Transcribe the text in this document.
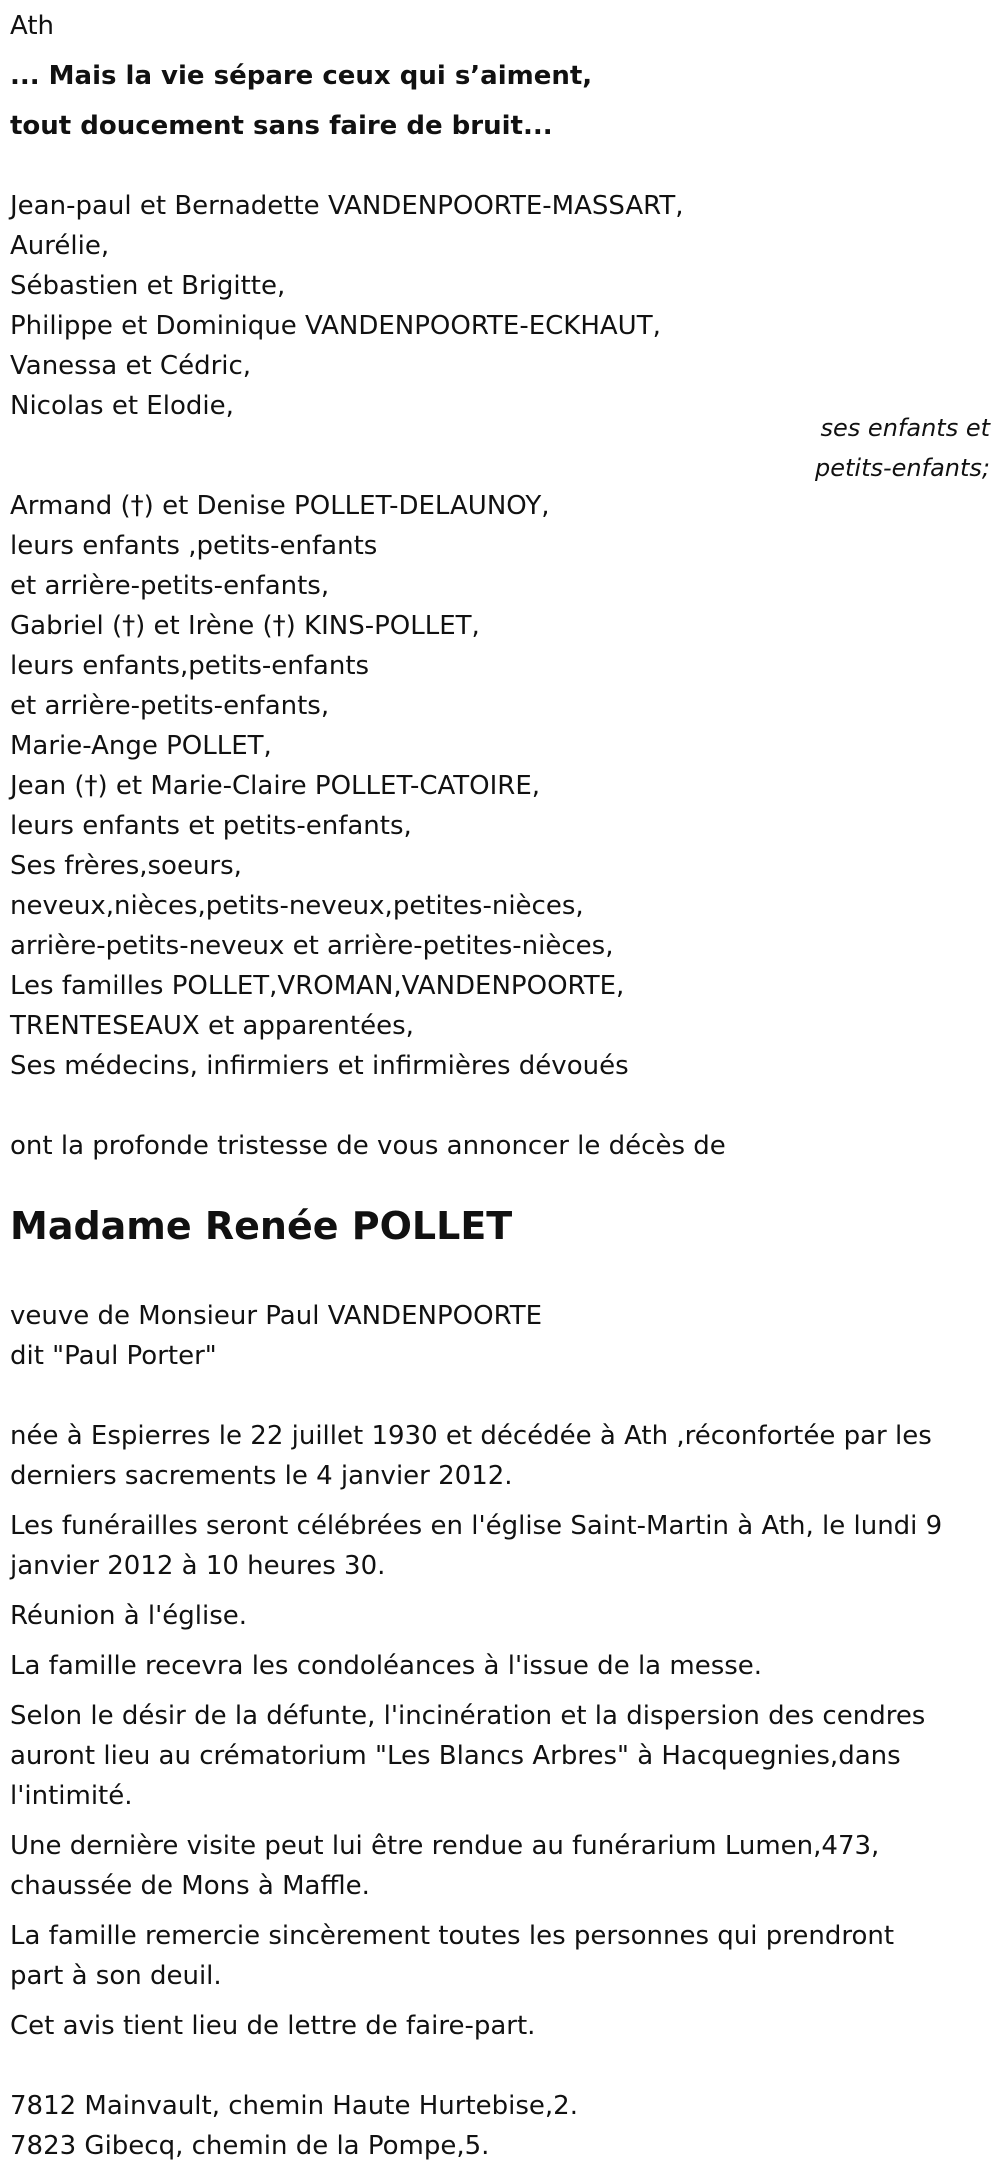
Ath
... Mais la vie sépare ceux qui s’aiment,
tout doucement sans faire de bruit...
Jean-paul et Bernadette VANDENPOORTE-MASSART,
Aurélie,
Sébastien et Brigitte,
Philippe et Dominique VANDENPOORTE-ECKHAUT,
Vanessa et Cédric,
Nicolas et Elodie,
ses enfants et
petits-enfants;
Armand (†) et Denise POLLET-DELAUNOY,
leurs enfants ,petits-enfants
et arrière-petits-enfants,
Gabriel (†) et Irène (†) KINS-POLLET,
leurs enfants,petits-enfants
et arrière-petits-enfants,
Marie-Ange POLLET,
Jean (†) et Marie-Claire POLLET-CATOIRE,
leurs enfants et petits-enfants,
Ses frères,soeurs,
neveux,nièces,petits-neveux,petites-nièces,
arrière-petits-neveux et arrière-petites-nièces,
Les familles POLLET,VROMAN,VANDENPOORTE,
TRENTESEAUX et apparentées,
Ses médecins, infirmiers et infirmières dévoués
ont la profonde tristesse de vous annoncer le décès de
Madame Renée POLLET
veuve de Monsieur Paul VANDENPOORTE
dit "Paul Porter"
née à Espierres le 22 juillet 1930 et décédée à Ath ,réconfortée par les
derniers sacrements le 4 janvier 2012.
Les funérailles seront célébrées en l'église Saint-Martin à Ath, le lundi 9
janvier 2012 à 10 heures 30.
Réunion à l'église.
La famille recevra les condoléances à l'issue de la messe.
Selon le désir de la défunte, l'incinération et la dispersion des cendres
auront lieu au crématorium "Les Blancs Arbres" à Hacquegnies,dans
l'intimité.
Une dernière visite peut lui être rendue au funérarium Lumen,473,
chaussée de Mons à Maffle.
La famille remercie sincèrement toutes les personnes qui prendront
part à son deuil.
Cet avis tient lieu de lettre de faire-part.
7812 Mainvault, chemin Haute Hurtebise,2.
7823 Gibecq, chemin de la Pompe,5.
